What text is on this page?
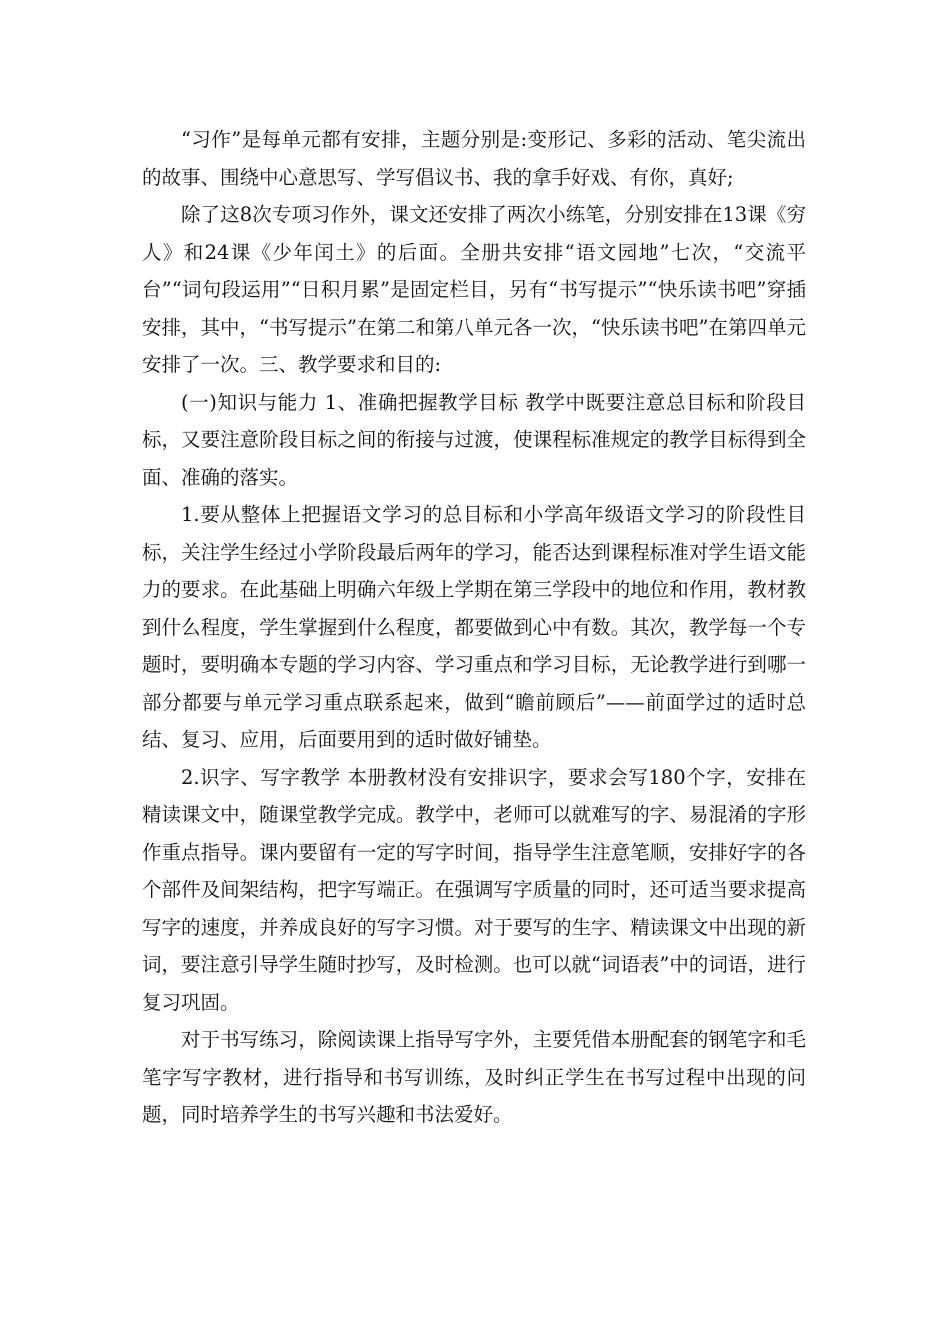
“习作”是每单元都有安排，主题分别是:变形记、多彩的活动、笔尖流出的故事、围绕中心意思写、学写倡议书、我的拿手好戏、有你，真好;

除了这8次专项习作外，课文还安排了两次小练笔，分别安排在13课《穷人》和24课《少年闰土》的后面。全册共安排“语文园地”七次，“交流平台”“词句段运用”“日积月累”是固定栏目，另有“书写提示”“快乐读书吧”穿插安排，其中，“书写提示”在第二和第八单元各一次，“快乐读书吧”在第四单元安排了一次。三、教学要求和目的:

(一)知识与能力 1、准确把握教学目标 教学中既要注意总目标和阶段目标，又要注意阶段目标之间的衔接与过渡，使课程标准规定的教学目标得到全面、准确的落实。

1.要从整体上把握语文学习的总目标和小学高年级语文学习的阶段性目标，关注学生经过小学阶段最后两年的学习，能否达到课程标准对学生语文能力的要求。在此基础上明确六年级上学期在第三学段中的地位和作用，教材教到什么程度，学生掌握到什么程度，都要做到心中有数。其次，教学每一个专题时，要明确本专题的学习内容、学习重点和学习目标，无论教学进行到哪一部分都要与单元学习重点联系起来，做到“瞻前顾后”——前面学过的适时总结、复习、应用，后面要用到的适时做好铺垫。

2.识字、写字教学 本册教材没有安排识字，要求会写180个字，安排在精读课文中，随课堂教学完成。教学中，老师可以就难写的字、易混淆的字形作重点指导。课内要留有一定的写字时间，指导学生注意笔顺，安排好字的各个部件及间架结构，把字写端正。在强调写字质量的同时，还可适当要求提高写字的速度，并养成良好的写字习惯。对于要写的生字、精读课文中出现的新词，要注意引导学生随时抄写，及时检测。也可以就“词语表”中的词语，进行复习巩固。

对于书写练习，除阅读课上指导写字外，主要凭借本册配套的钢笔字和毛笔字写字教材，进行指导和书写训练，及时纠正学生在书写过程中出现的问题，同时培养学生的书写兴趣和书法爱好。
